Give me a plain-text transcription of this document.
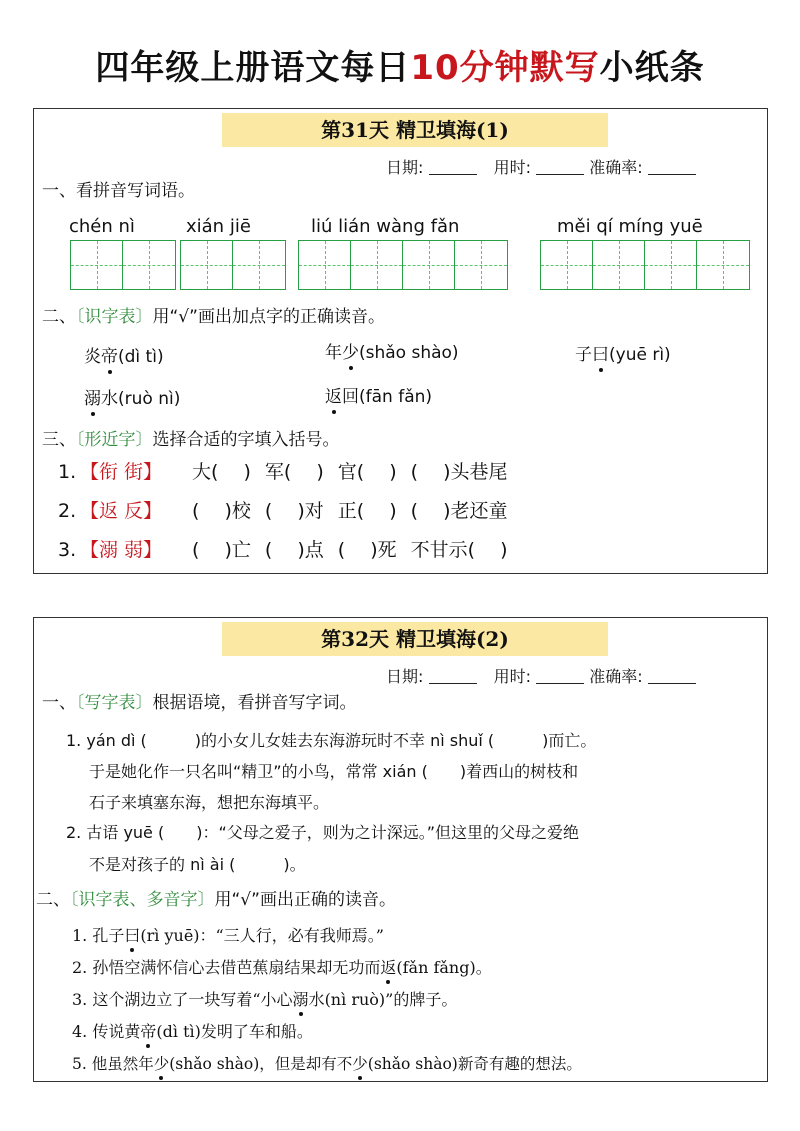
四年级上册语文每日10分钟默写小纸条
第31天 精卫填海(1)
日期:	用时:	准确率:
一、看拼音写词语。
chén nì	xián jiē	liú lián wàng fǎn	měi qí míng yuē
二、〔识字表〕用“√”画出加点字的正确读音。
炎帝(dì tì)	年少(shǎo shào)	子曰(yuē rì)
溺水(ruò nì)	返回(fān fǎn)
三、〔形近字〕选择合适的字填入括号。
1. 【衔 街】 大(　 ) 军(　 ) 官(　 ) (　 )头巷尾
2. 【返 反】 (　 )校 (　 )对 正(　 ) (　 )老还童
3. 【溺 弱】 (　 )亡 (　 )点 (　 )死 不甘示(　 )
第32天 精卫填海(2)
日期:	用时:	准确率:
一、〔写字表〕根据语境，看拼音写字词。
1. yán dì (　　　)的小女儿女娃去东海游玩时不幸 nì shuǐ (　　　)而亡。
于是她化作一只名叫“精卫”的小鸟，常常 xián (　　)着西山的树枝和
石子来填塞东海，想把东海填平。
2. 古语 yuē (　　)：“父母之爱子，则为之计深远。”但这里的父母之爱绝
不是对孩子的 nì ài (　　　)。
二、〔识字表、多音字〕用“√”画出正确的读音。
1. 孔子曰(rì yuē)：“三人行，必有我师焉。”
2. 孙悟空满怀信心去借芭蕉扇结果却无功而返(fǎn fǎng)。
3. 这个湖边立了一块写着“小心溺水(nì ruò)”的牌子。
4. 传说黄帝(dì tì)发明了车和船。
5. 他虽然年少(shǎo shào)，但是却有不少(shǎo shào)新奇有趣的想法。
